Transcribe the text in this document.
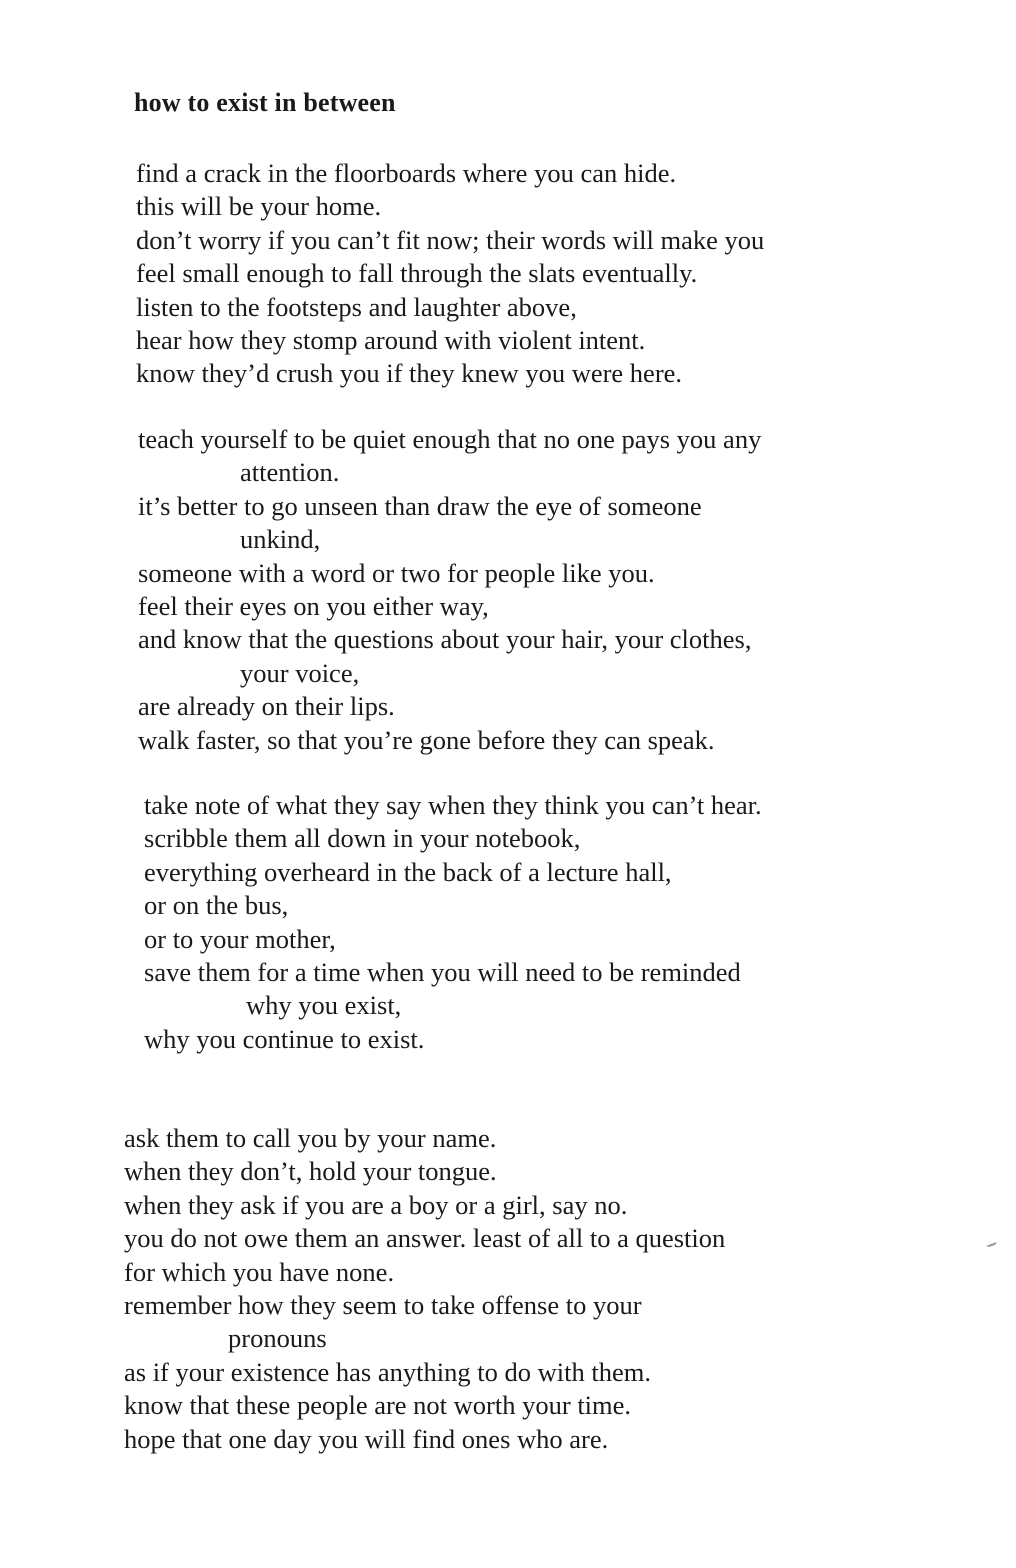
how to exist in between
find a crack in the floorboards where you can hide.
this will be your home.
don’t worry if you can’t fit now; their words will make you
feel small enough to fall through the slats eventually.
listen to the footsteps and laughter above,
hear how they stomp around with violent intent.
know they’d crush you if they knew you were here.
teach yourself to be quiet enough that no one pays you any
attention.
it’s better to go unseen than draw the eye of someone
unkind,
someone with a word or two for people like you.
feel their eyes on you either way,
and know that the questions about your hair, your clothes,
your voice,
are already on their lips.
walk faster, so that you’re gone before they can speak.
take note of what they say when they think you can’t hear.
scribble them all down in your notebook,
everything overheard in the back of a lecture hall,
or on the bus,
or to your mother,
save them for a time when you will need to be reminded
why you exist,
why you continue to exist.
ask them to call you by your name.
when they don’t, hold your tongue.
when they ask if you are a boy or a girl, say no.
you do not owe them an answer. least of all to a question
for which you have none.
remember how they seem to take offense to your
pronouns
as if your existence has anything to do with them.
know that these people are not worth your time.
hope that one day you will find ones who are.
